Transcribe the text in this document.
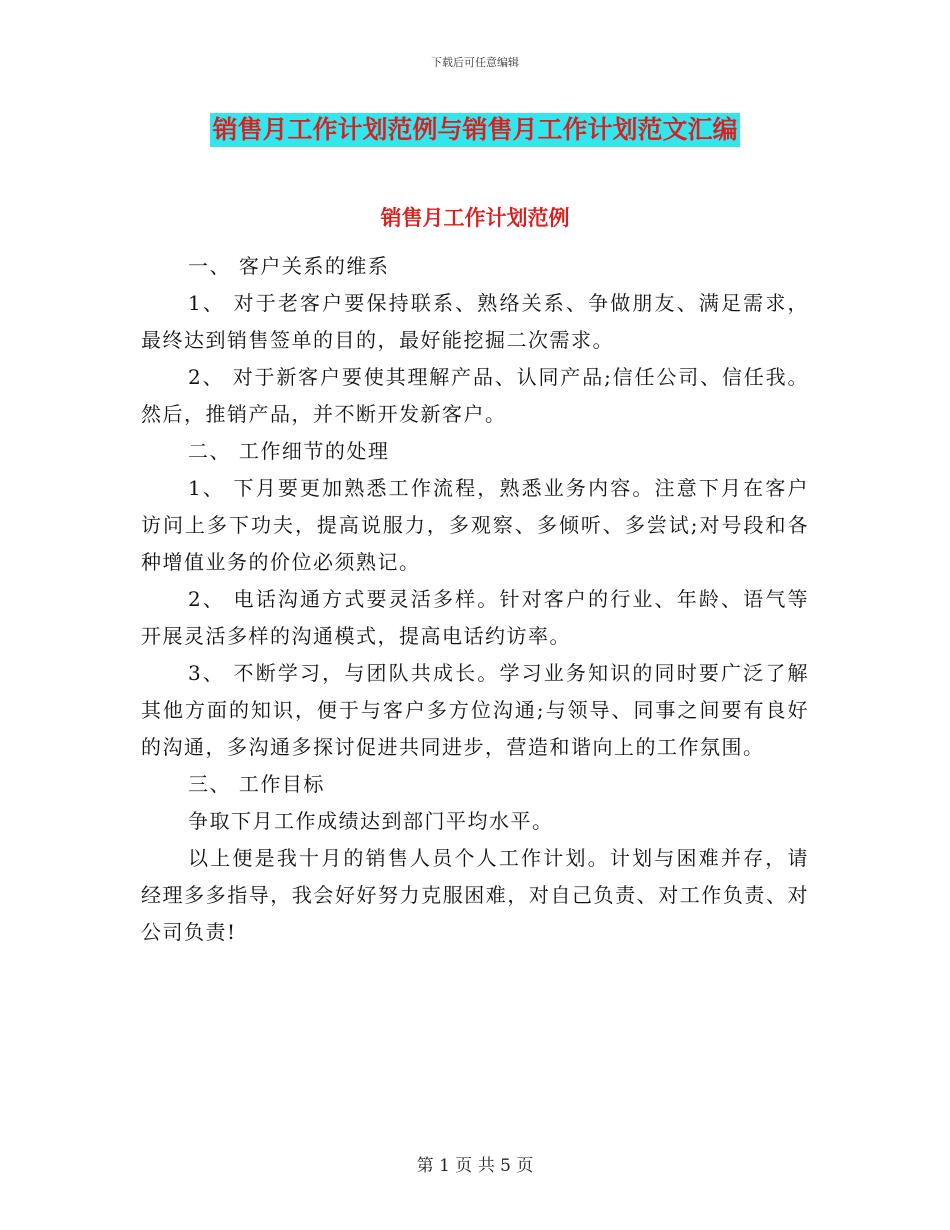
下载后可任意编辑
销售月工作计划范例与销售月工作计划范文汇编
销售月工作计划范例

一、 客户关系的维系

1、 对于老客户要保持联系、熟络关系、争做朋友、满足需求，最终达到销售签单的目的，最好能挖掘二次需求。

2、 对于新客户要使其理解产品、认同产品;信任公司、信任我。然后，推销产品，并不断开发新客户。

二、 工作细节的处理

1、 下月要更加熟悉工作流程，熟悉业务内容。注意下月在客户访问上多下功夫，提高说服力，多观察、多倾听、多尝试;对号段和各种增值业务的价位必须熟记。

2、 电话沟通方式要灵活多样。针对客户的行业、年龄、语气等开展灵活多样的沟通模式，提高电话约访率。

3、 不断学习，与团队共成长。学习业务知识的同时要广泛了解其他方面的知识，便于与客户多方位沟通;与领导、同事之间要有良好的沟通，多沟通多探讨促进共同进步，营造和谐向上的工作氛围。

三、 工作目标

争取下月工作成绩达到部门平均水平。

以上便是我十月的销售人员个人工作计划。计划与困难并存，请经理多多指导，我会好好努力克服困难，对自己负责、对工作负责、对公司负责!

第 1 页 共 5 页
